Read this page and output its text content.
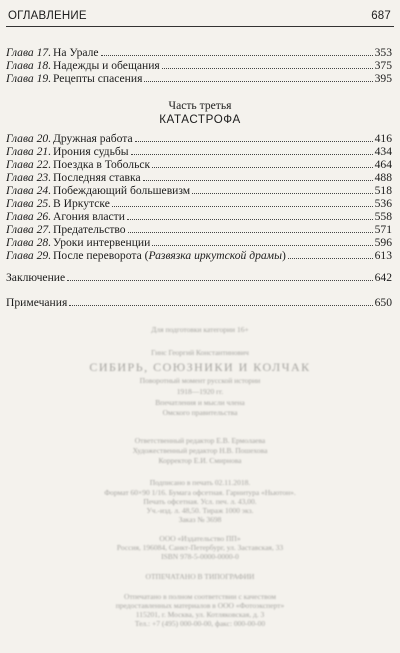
ОГЛАВЛЕНИЕ	687
Глава 17. На Урале	353
Глава 18. Надежды и обещания	375
Глава 19. Рецепты спасения	395
Часть третья
КАТАСТРОФА
Глава 20. Дружная работа	416
Глава 21. Ирония судьбы	434
Глава 22. Поездка в Тобольск	464
Глава 23. Последняя ставка	488
Глава 24. Побеждающий большевизм	518
Глава 25. В Иркутске	536
Глава 26. Агония власти	558
Глава 27. Предательство	571
Глава 28. Уроки интервенции	596
Глава 29. После переворота (Развязка иркутской драмы)	613
Заключение	642
Примечания	650
Для подготовки категории 16+
Гинс Георгий Константинович
СИБИРЬ, СОЮЗНИКИ И КОЛЧАК
Поворотный момент русской истории
1918—1920 гг.
Впечатления и мысли члена
Омского правительства
Ответственный редактор Е.В. Ермолаева
Художественный редактор Н.В. Пошехова
Корректор Е.И. Смирнова
Подписано в печать 02.11.2018.
Формат 60×90 1/16. Бумага офсетная. Гарнитура «Ньютон».
Печать офсетная. Усл. печ. л. 43,00.
Уч.-изд. л. 48,50. Тираж 1000 экз.
Заказ № 3698
ООО «Издательство ПП»
Россия, 196084, Санкт-Петербург, ул. Заставская, 33
ISBN 978-5-0000-0000-0
ОТПЕЧАТАНО В ТИПОГРАФИИ
Отпечатано в полном соответствии с качеством
предоставленных материалов в ООО «Фотоэксперт»
115201, г. Москва, ул. Котляковская, д. 3
Тел.: +7 (495) 000-00-00, факс: 000-00-00
